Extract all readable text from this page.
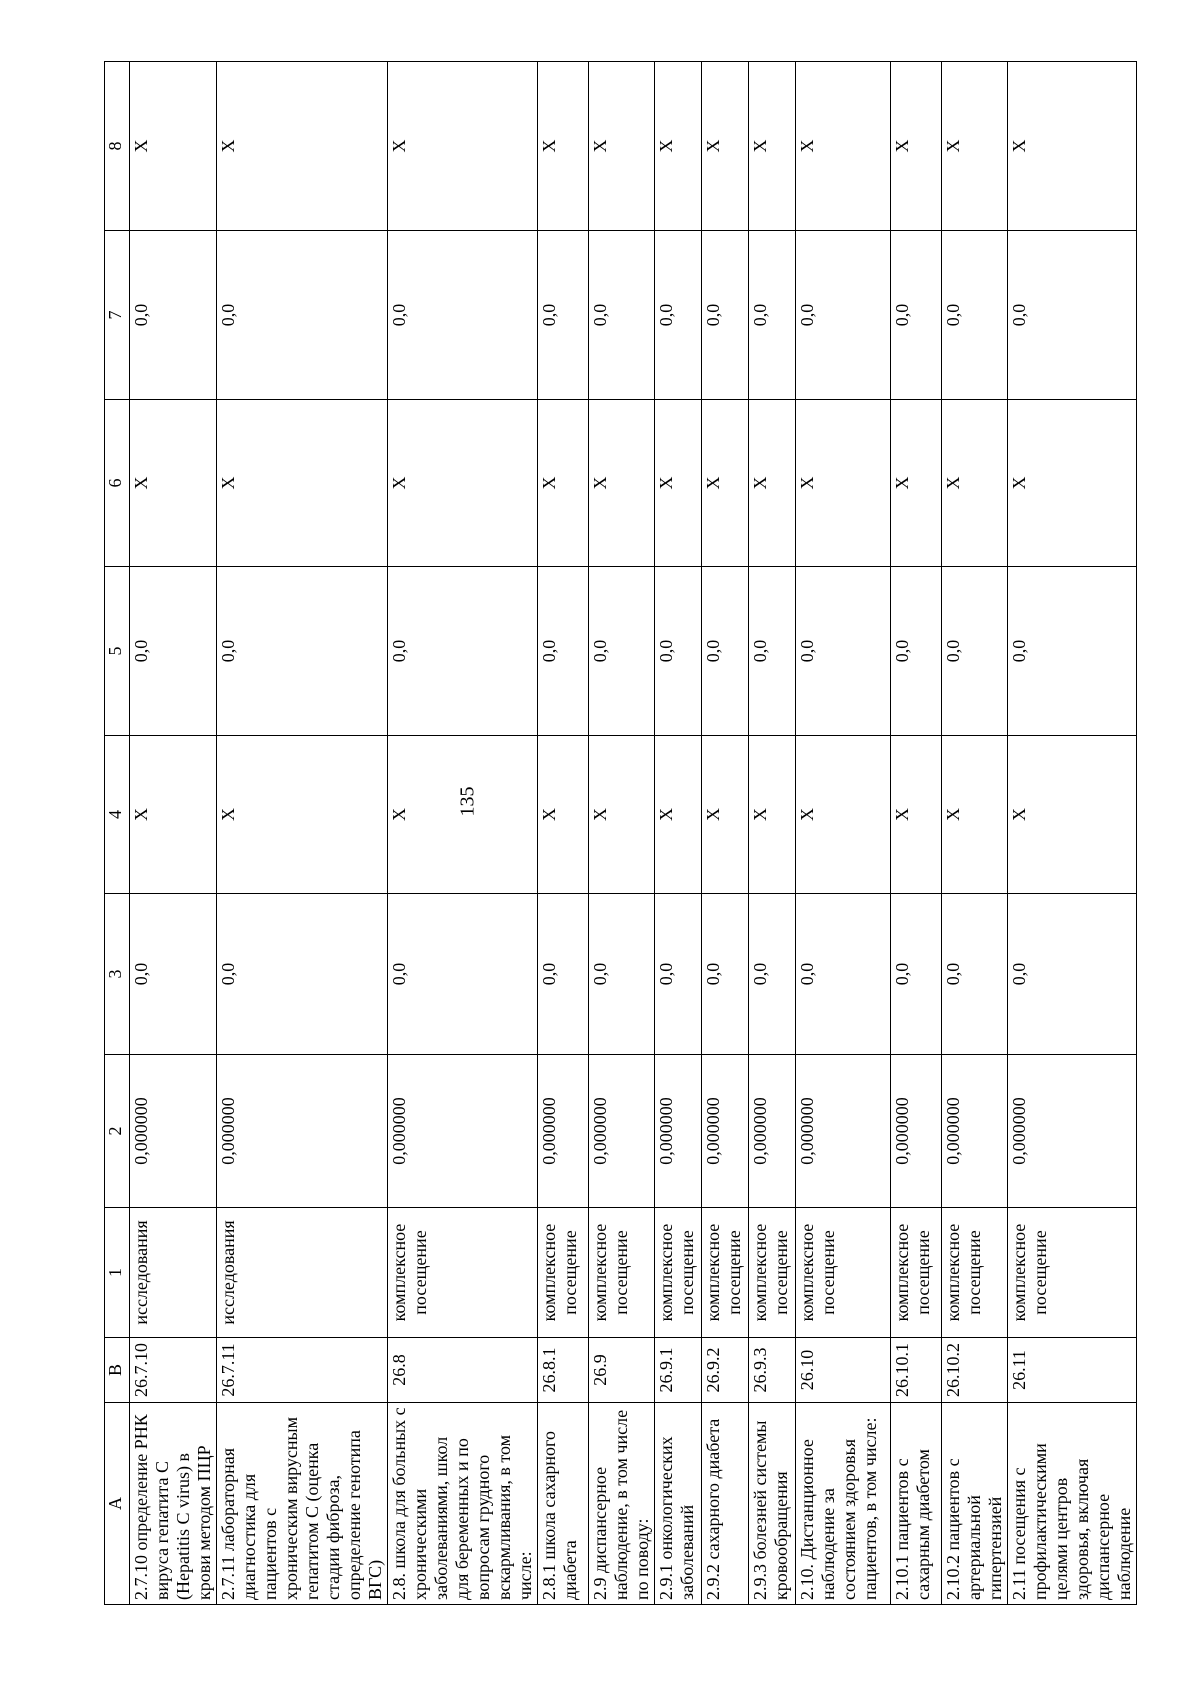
135
A	B	1	2	3	4	5	6	7	8
2.7.10 определение РНК вируса гепатита С (Hepatitis C virus) в крови методом ПЦР	26.7.10	исследования	0,000000	0,0	X	0,0	X	0,0	X
2.7.11 лабораторная диагностика для пациентов с хроническим вирусным гепатитом С (оценка стадии фиброза, определение генотипа ВГС)	26.7.11	исследования	0,000000	0,0	X	0,0	X	0,0	X
2.8. школа для больных с хроническими заболеваниями, школ для беременных и по вопросам грудного вскармливания, в том числе:	26.8	комплексное посещение	0,000000	0,0	X	0,0	X	0,0	X
2.8.1 школа сахарного диабета	26.8.1	комплексное посещение	0,000000	0,0	X	0,0	X	0,0	X
2.9 диспансерное наблюдение, в том числе по поводу:	26.9	комплексное посещение	0,000000	0,0	X	0,0	X	0,0	X
2.9.1 онкологических заболеваний	26.9.1	комплексное посещение	0,000000	0,0	X	0,0	X	0,0	X
2.9.2 сахарного диабета	26.9.2	комплексное посещение	0,000000	0,0	X	0,0	X	0,0	X
2.9.3 болезней системы кровообращения	26.9.3	комплексное посещение	0,000000	0,0	X	0,0	X	0,0	X
2.10. Дистанционное наблюдение за состоянием здоровья пациентов, в том числе:	26.10	комплексное посещение	0,000000	0,0	X	0,0	X	0,0	X
2.10.1 пациентов с сахарным диабетом	26.10.1	комплексное посещение	0,000000	0,0	X	0,0	X	0,0	X
2.10.2 пациентов с артериальной гипертензией	26.10.2	комплексное посещение	0,000000	0,0	X	0,0	X	0,0	X
2.11 посещения с профилактическими целями центров здоровья, включая диспансерное наблюдение	26.11	комплексное посещение	0,000000	0,0	X	0,0	X	0,0	X
